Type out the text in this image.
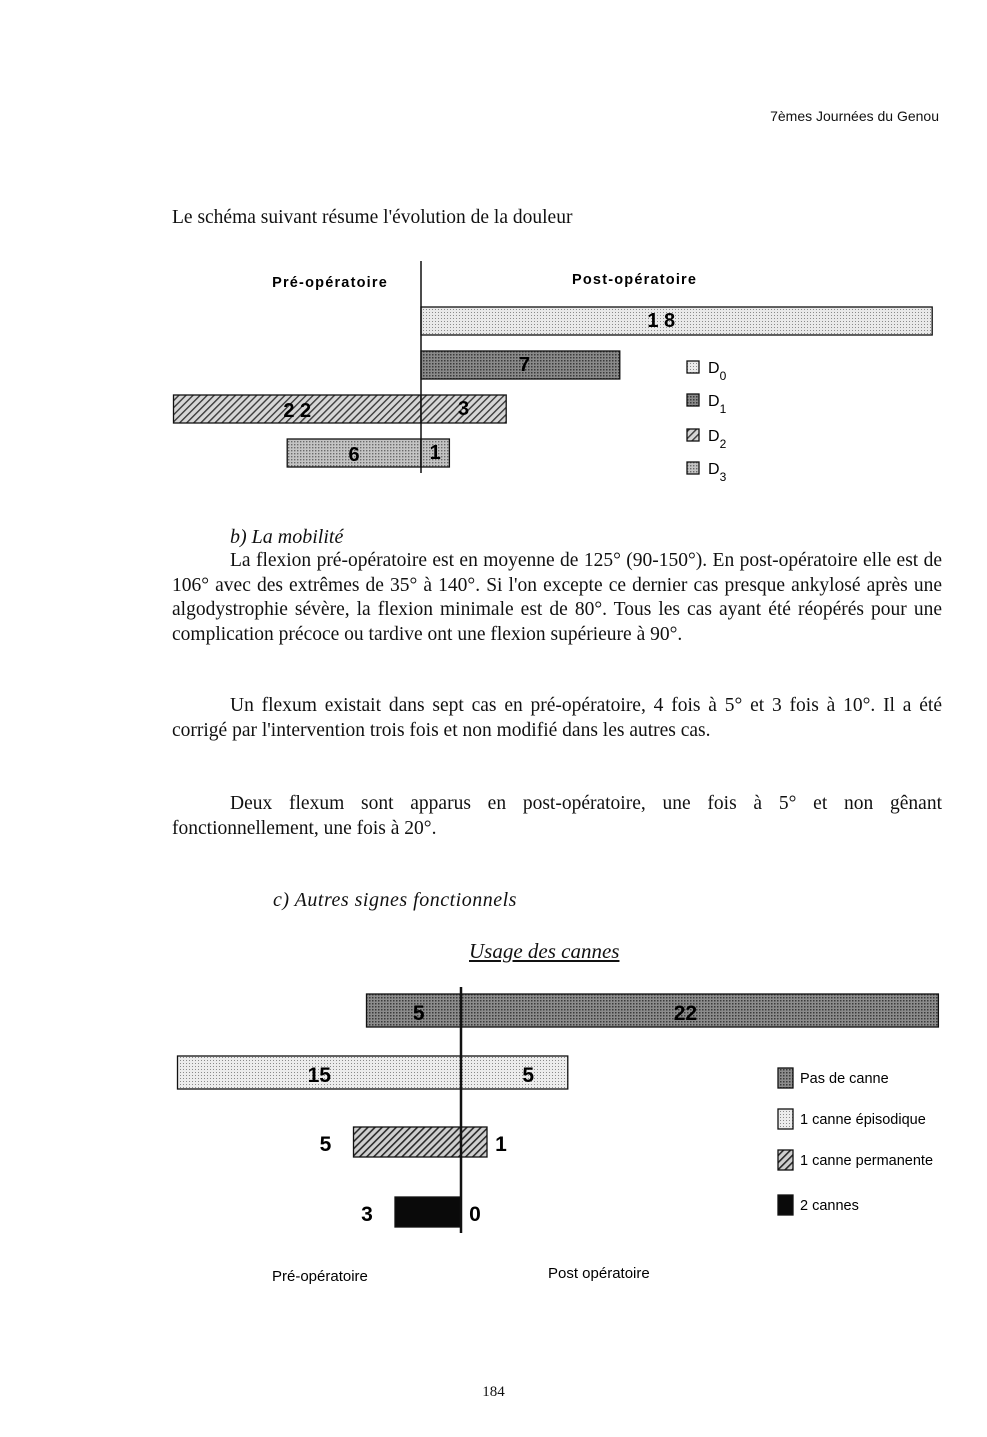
7èmes Journées du Genou
Le schéma suivant résume l'évolution de la douleur
Pré-opératoire	Post-opératoire
1 8
7
2 2	3
6	1
$D_0$
$D_1$
$D_2$
$D_3$
b) La mobilité
La flexion pré-opératoire est en moyenne de 125° (90-150°). En post-opératoire elle est de 106° avec des extrêmes de 35° à 140°. Si l'on excepte ce dernier cas presque ankylosé après une algodystrophie sévère, la flexion minimale est de 80°. Tous les cas ayant été réopérés pour une complication précoce ou tardive ont une flexion supérieure à 90°.
Un flexum existait dans sept cas en pré-opératoire, 4 fois à 5° et 3 fois à 10°. Il a été corrigé par l'intervention trois fois et non modifié dans les autres cas.
Deux flexum sont apparus en post-opératoire, une fois à 5° et non gênant fonctionnellement, une fois à 20°.
c) Autres signes fonctionnels
Usage des cannes
5	22
15	5
5	1
3	0
Pas de canne
1 canne épisodique
1 canne permanente
2 cannes
Pré-opératoire	Post opératoire
184
